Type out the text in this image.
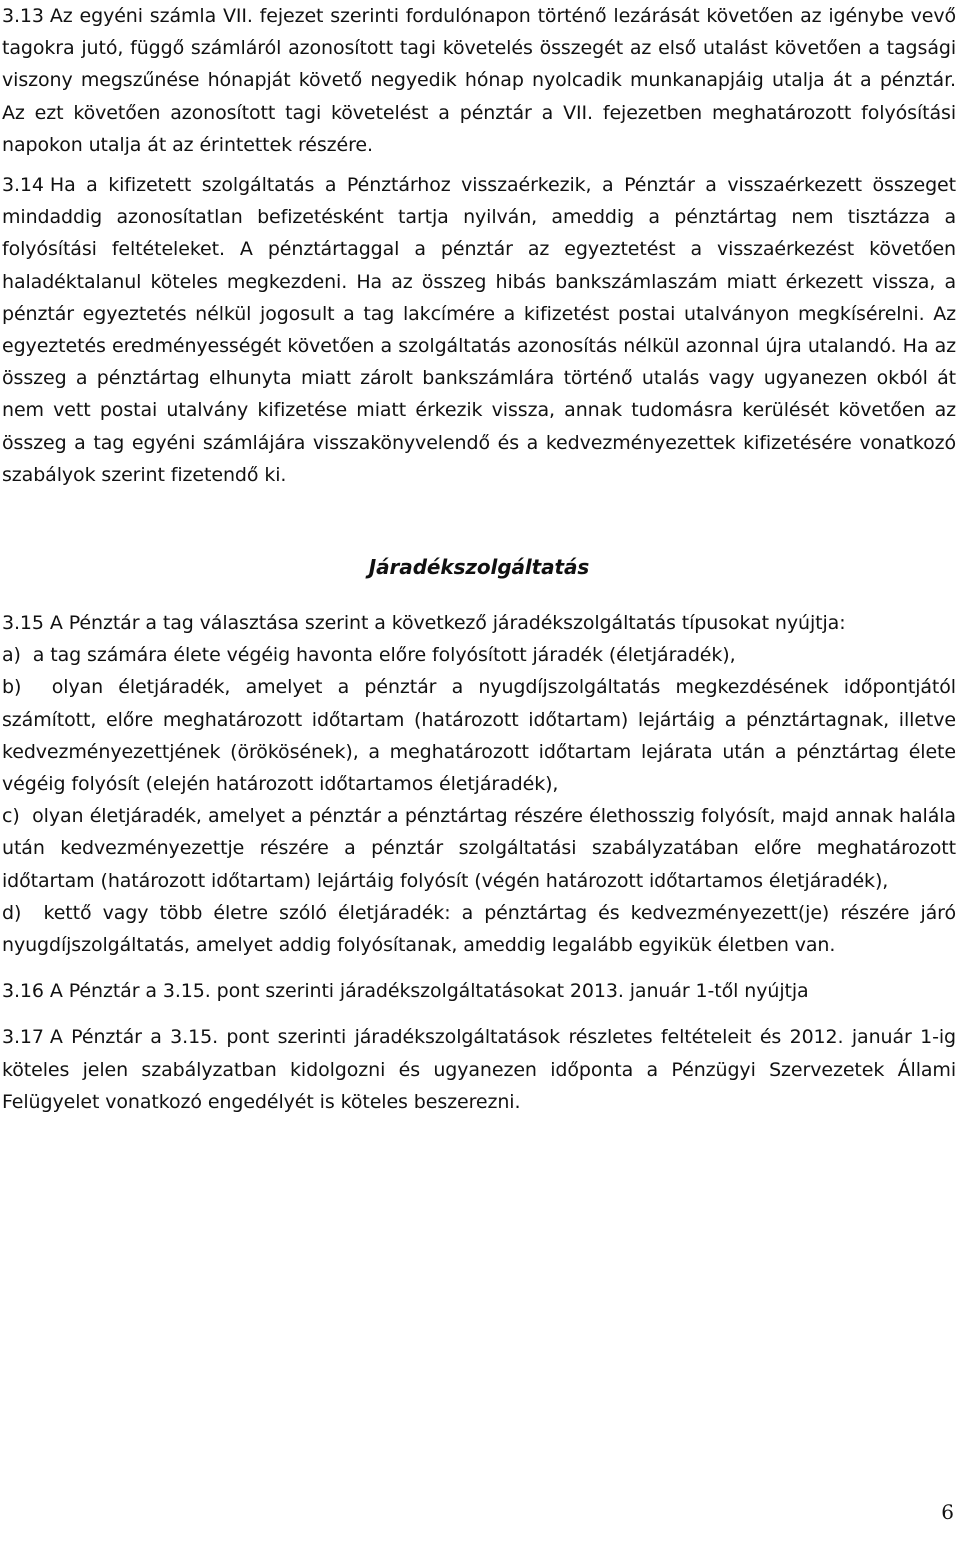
3.13 Az egyéni számla VII. fejezet szerinti fordulónapon történő lezárását követően az igénybe vevő tagokra jutó, függő számláról azonosított tagi követelés összegét az első utalást követően a tagsági viszony megszűnése hónapját követő negyedik hónap nyolcadik munkanapjáig utalja át a pénztár. Az ezt követően azonosított tagi követelést a pénztár a VII. fejezetben meghatározott folyósítási napokon utalja át az érintettek részére.

3.14 Ha a kifizetett szolgáltatás a Pénztárhoz visszaérkezik, a Pénztár a visszaérkezett összeget mindaddig azonosítatlan befizetésként tartja nyilván, ameddig a pénztártag nem tisztázza a folyósítási feltételeket. A pénztártaggal a pénztár az egyeztetést a visszaérkezést követően haladéktalanul köteles megkezdeni. Ha az összeg hibás bankszámlaszám miatt érkezett vissza, a pénztár egyeztetés nélkül jogosult a tag lakcímére a kifizetést postai utalványon megkísérelni. Az egyeztetés eredményességét követően a szolgáltatás azonosítás nélkül azonnal újra utalandó. Ha az összeg a pénztártag elhunyta miatt zárolt bankszámlára történő utalás vagy ugyanezen okból át nem vett postai utalvány kifizetése miatt érkezik vissza, annak tudomásra kerülését követően az összeg a tag egyéni számlájára visszakönyvelendő és a kedvezményezettek kifizetésére vonatkozó szabályok szerint fizetendő ki.

Járadékszolgáltatás

3.15 A Pénztár a tag választása szerint a következő járadékszolgáltatás típusokat nyújtja:

a) a tag számára élete végéig havonta előre folyósított járadék (életjáradék),

b) olyan életjáradék, amelyet a pénztár a nyugdíjszolgáltatás megkezdésének időpontjától számított, előre meghatározott időtartam (határozott időtartam) lejártáig a pénztártagnak, illetve kedvezményezettjének (örökösének), a meghatározott időtartam lejárata után a pénztártag élete végéig folyósít (elején határozott időtartamos életjáradék),

c) olyan életjáradék, amelyet a pénztár a pénztártag részére élethosszig folyósít, majd annak halála után kedvezményezettje részére a pénztár szolgáltatási szabályzatában előre meghatározott időtartam (határozott időtartam) lejártáig folyósít (végén határozott időtartamos életjáradék),

d) kettő vagy több életre szóló életjáradék: a pénztártag és kedvezményezett(je) részére járó nyugdíjszolgáltatás, amelyet addig folyósítanak, ameddig legalább egyikük életben van.

3.16 A Pénztár a 3.15. pont szerinti járadékszolgáltatásokat 2013. január 1-től nyújtja

3.17 A Pénztár a 3.15. pont szerinti járadékszolgáltatások részletes feltételeit és 2012. január 1-ig köteles jelen szabályzatban kidolgozni és ugyanezen időponta a Pénzügyi Szervezetek Állami Felügyelet vonatkozó engedélyét is köteles beszerezni.

6
